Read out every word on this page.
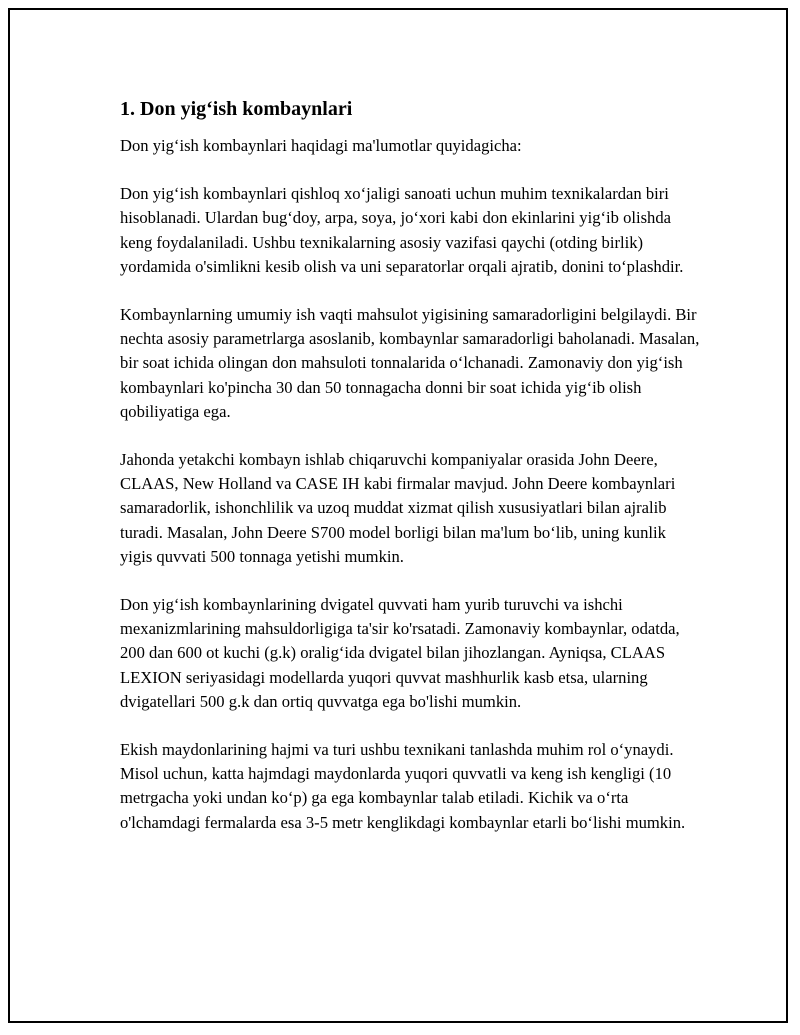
1. Don yig‘ish kombaynlari

Don yig‘ish kombaynlari haqidagi ma'lumotlar quyidagicha:

Don yig‘ish kombaynlari qishloq xo‘jaligi sanoati uchun muhim texnikalardan biri hisoblanadi. Ulardan bug‘doy, arpa, soya, jo‘xori kabi don ekinlarini yig‘ib olishda keng foydalaniladi. Ushbu texnikalarning asosiy vazifasi qaychi (otding birlik) yordamida o'simlikni kesib olish va uni separatorlar orqali ajratib, donini to‘plashdir.

Kombaynlarning umumiy ish vaqti mahsulot yigisining samaradorligini belgilaydi. Bir nechta asosiy parametrlarga asoslanib, kombaynlar samaradorligi baholanadi. Masalan, bir soat ichida olingan don mahsuloti tonnalarida o‘lchanadi. Zamonaviy don yig‘ish kombaynlari ko'pincha 30 dan 50 tonnagacha donni bir soat ichida yig‘ib olish qobiliyatiga ega.

Jahonda yetakchi kombayn ishlab chiqaruvchi kompaniyalar orasida John Deere, CLAAS, New Holland va CASE IH kabi firmalar mavjud. John Deere kombaynlari samaradorlik, ishonchlilik va uzoq muddat xizmat qilish xususiyatlari bilan ajralib turadi. Masalan, John Deere S700 model borligi bilan ma'lum bo‘lib, uning kunlik yigis quvvati 500 tonnaga yetishi mumkin.

Don yig‘ish kombaynlarining dvigatel quvvati ham yurib turuvchi va ishchi mexanizmlarining mahsuldorligiga ta'sir ko'rsatadi. Zamonaviy kombaynlar, odatda, 200 dan 600 ot kuchi (g.k) oralig‘ida dvigatel bilan jihozlangan. Ayniqsa, CLAAS LEXION seriyasidagi modellarda yuqori quvvat mashhurlik kasb etsa, ularning dvigatellari 500 g.k dan ortiq quvvatga ega bo'lishi mumkin.

Ekish maydonlarining hajmi va turi ushbu texnikani tanlashda muhim rol o‘ynaydi. Misol uchun, katta hajmdagi maydonlarda yuqori quvvatli va keng ish kengligi (10 metrgacha yoki undan ko‘p) ga ega kombaynlar talab etiladi. Kichik va o‘rta o'lchamdagi fermalarda esa 3-5 metr kenglikdagi kombaynlar etarli bo‘lishi mumkin.
